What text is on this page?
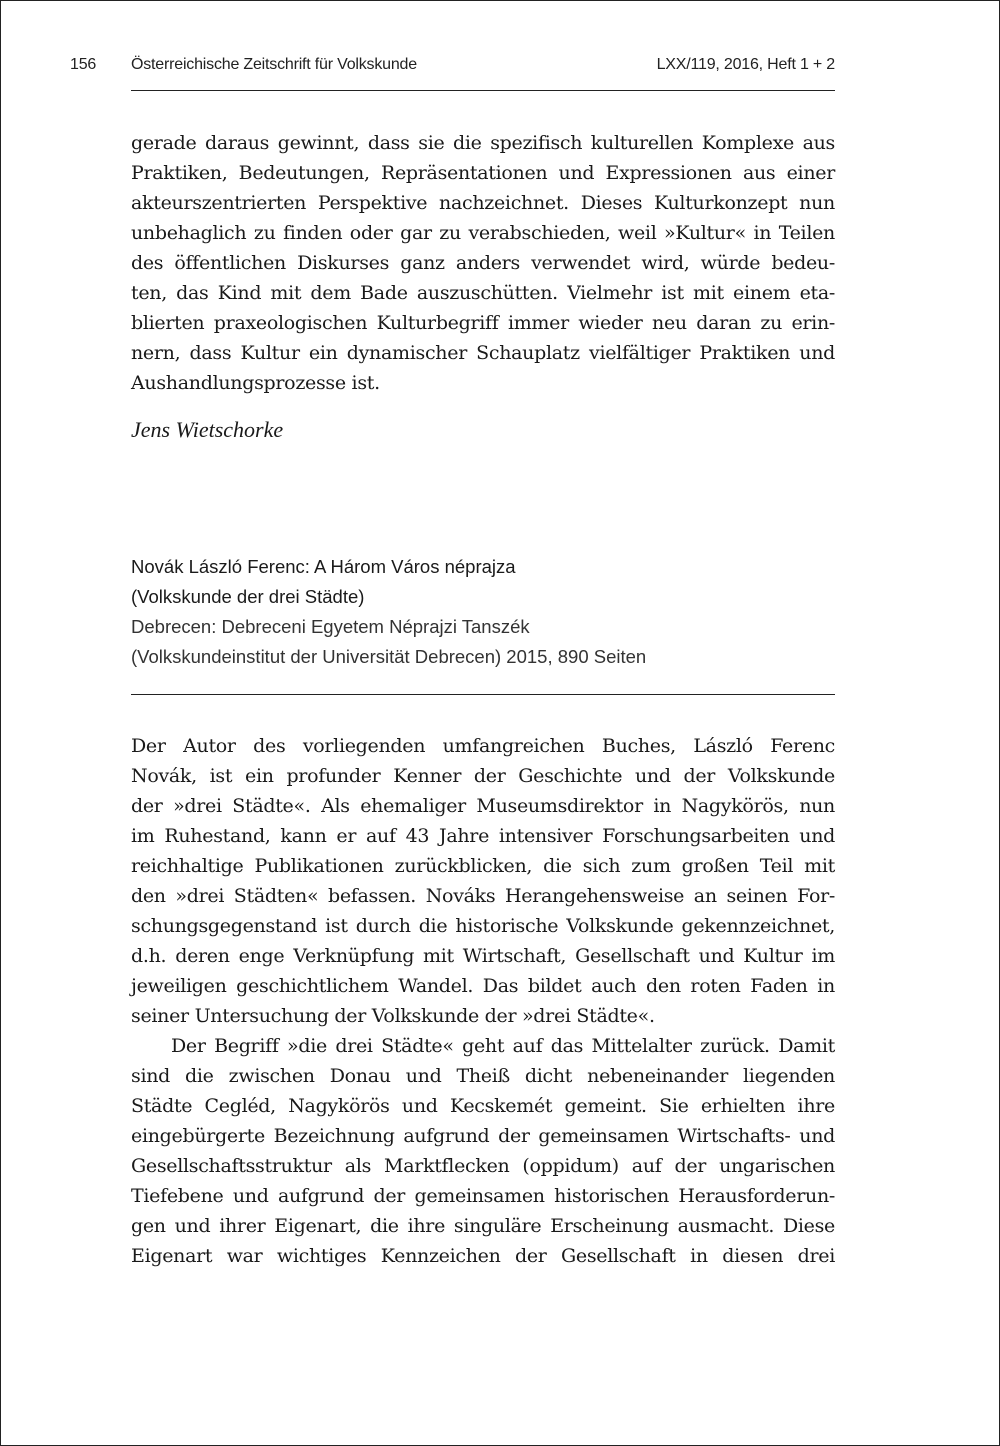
156 Österreichische Zeitschrift für Volkskunde	LXX/119, 2016, Heft 1 + 2
gerade daraus gewinnt, dass sie die spezifisch kulturellen Komplexe aus
Praktiken, Bedeutungen, Repräsentationen und Expressionen aus einer
akteurszentrierten Perspektive nachzeichnet. Dieses Kulturkonzept nun
unbehaglich zu finden oder gar zu verabschieden, weil »Kultur« in Teilen
des öffentlichen Diskurses ganz anders verwendet wird, würde bedeu-
ten, das Kind mit dem Bade auszuschütten. Vielmehr ist mit einem eta-
blierten praxeologischen Kulturbegriff immer wieder neu daran zu erin-
nern, dass Kultur ein dynamischer Schauplatz vielfältiger Praktiken und
Aushandlungsprozesse ist.
Jens Wietschorke
Novák László Ferenc: A Három Város néprajza
(Volkskunde der drei Städte)
Debrecen: Debreceni Egyetem Néprajzi Tanszék
(Volkskundeinstitut der Universität Debrecen) 2015, 890 Seiten
Der Autor des vorliegenden umfangreichen Buches, László Ferenc
Novák, ist ein profunder Kenner der Geschichte und der Volkskunde
der »drei Städte«. Als ehemaliger Museumsdirektor in Nagykörös, nun
im Ruhestand, kann er auf 43 Jahre intensiver Forschungsarbeiten und
reichhaltige Publikationen zurückblicken, die sich zum großen Teil mit
den »drei Städten« befassen. Nováks Herangehensweise an seinen For-
schungsgegenstand ist durch die historische Volkskunde gekennzeichnet,
d.h. deren enge Verknüpfung mit Wirtschaft, Gesellschaft und Kultur im
jeweiligen geschichtlichem Wandel. Das bildet auch den roten Faden in
seiner Untersuchung der Volkskunde der »drei Städte«.
Der Begriff »die drei Städte« geht auf das Mittelalter zurück. Damit
sind die zwischen Donau und Theiß dicht nebeneinander liegenden
Städte Cegléd, Nagykörös und Kecskemét gemeint. Sie erhielten ihre
eingebürgerte Bezeichnung aufgrund der gemeinsamen Wirtschafts- und
Gesellschaftsstruktur als Marktflecken (oppidum) auf der ungarischen
Tiefebene und aufgrund der gemeinsamen historischen Herausforderun-
gen und ihrer Eigenart, die ihre singuläre Erscheinung ausmacht. Diese
Eigenart war wichtiges Kennzeichen der Gesellschaft in diesen drei
